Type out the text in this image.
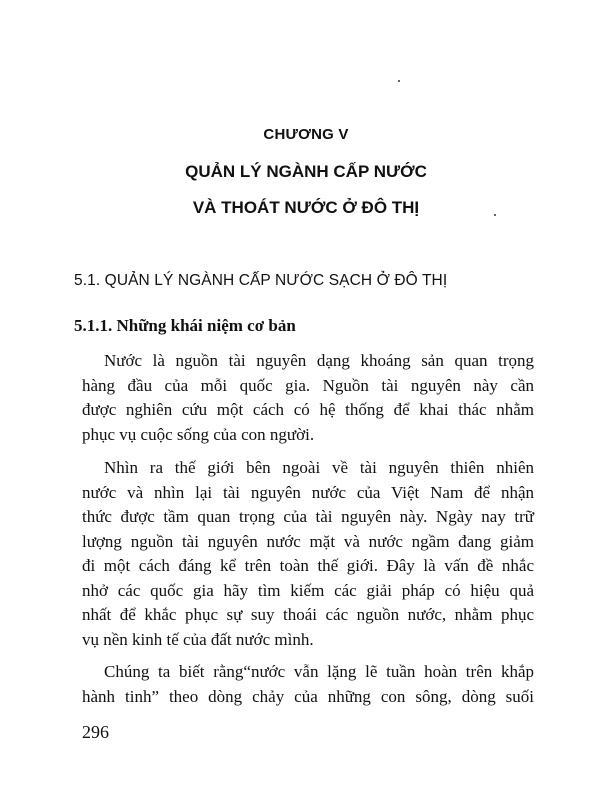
CHƯƠNG V
QUẢN LÝ NGÀNH CẤP NƯỚC
VÀ THOÁT NƯỚC Ở ĐÔ THỊ
5.1. QUẢN LÝ NGÀNH CẤP NƯỚC SẠCH Ở ĐÔ THỊ
5.1.1. Những khái niệm cơ bản
Nước là nguồn tài nguyên dạng khoáng sản quan trọng
hàng đầu của mỗi quốc gia. Nguồn tài nguyên này cần
được nghiên cứu một cách có hệ thống để khai thác nhằm
phục vụ cuộc sống của con người.
Nhìn ra thế giới bên ngoài về tài nguyên thiên nhiên
nước và nhìn lại tài nguyên nước của Việt Nam để nhận
thức được tầm quan trọng của tài nguyên này. Ngày nay trữ
lượng nguồn tài nguyên nước mặt và nước ngầm đang giảm
đi một cách đáng kể trên toàn thế giới. Đây là vấn đề nhắc
nhở các quốc gia hãy tìm kiếm các giải pháp có hiệu quả
nhất để khắc phục sự suy thoái các nguồn nước, nhằm phục
vụ nền kinh tế của đất nước mình.
Chúng ta biết rằng“nước vẫn lặng lẽ tuần hoàn trên khắp
hành tinh” theo dòng chảy của những con sông, dòng suối
296
